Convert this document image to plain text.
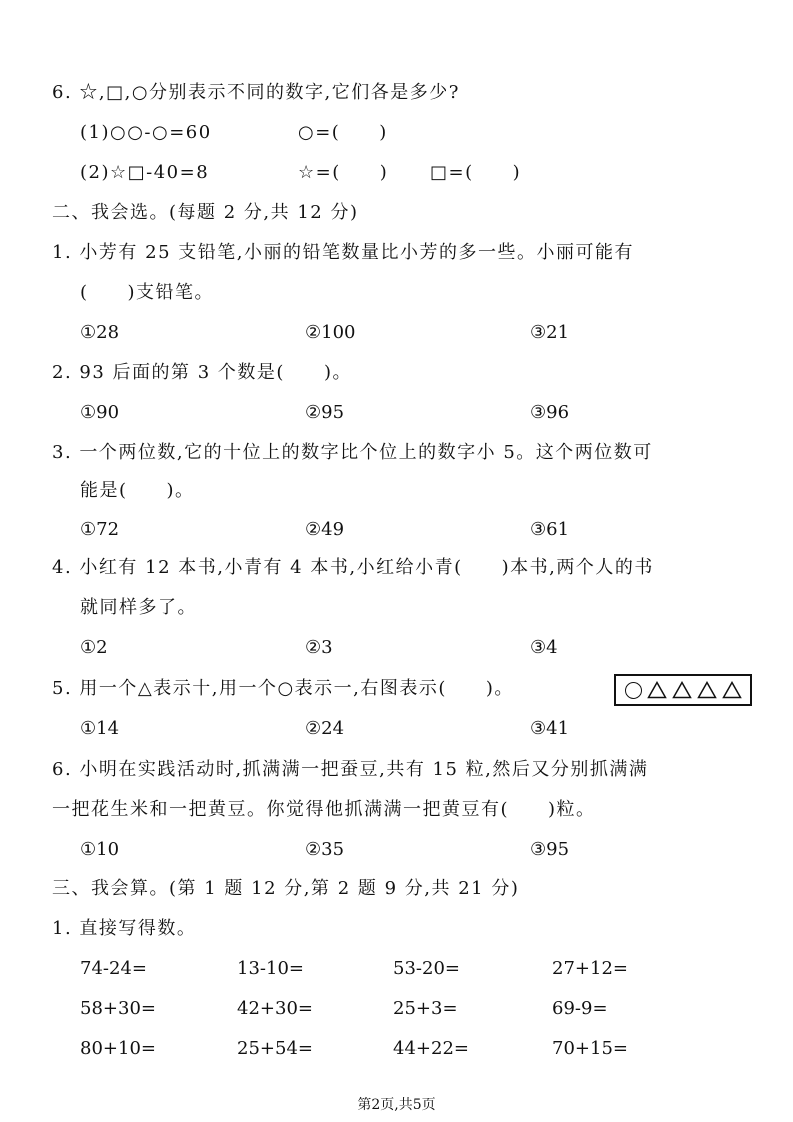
6. ☆,□,○分别表示不同的数字,它们各是多少?
(1)○○-○=60	○=(　　)
(2)☆□-40=8	☆=(　　) □=(　　)
二、我会选。(每题 2 分,共 12 分)
1. 小芳有 25 支铅笔,小丽的铅笔数量比小芳的多一些。小丽可能有
(　　)支铅笔。
①28	②100	③21
2. 93 后面的第 3 个数是(　　)。
①90	②95	③96
3. 一个两位数,它的十位上的数字比个位上的数字小 5。这个两位数可
能是(　　)。
①72	②49	③61
4. 小红有 12 本书,小青有 4 本书,小红给小青(　　)本书,两个人的书
就同样多了。
①2	②3	③4
5. 用一个△表示十,用一个○表示一,右图表示(　　)。
①14	②24	③41
6. 小明在实践活动时,抓满满一把蚕豆,共有 15 粒,然后又分别抓满满
一把花生米和一把黄豆。你觉得他抓满满一把黄豆有(　　)粒。
①10	②35	③95
三、我会算。(第 1 题 12 分,第 2 题 9 分,共 21 分)
1. 直接写得数。
74-24=	13-10=	53-20=	27+12=
58+30=	42+30=	25+3=	69-9=
80+10=	25+54=	44+22=	70+15=
第2页,共5页
